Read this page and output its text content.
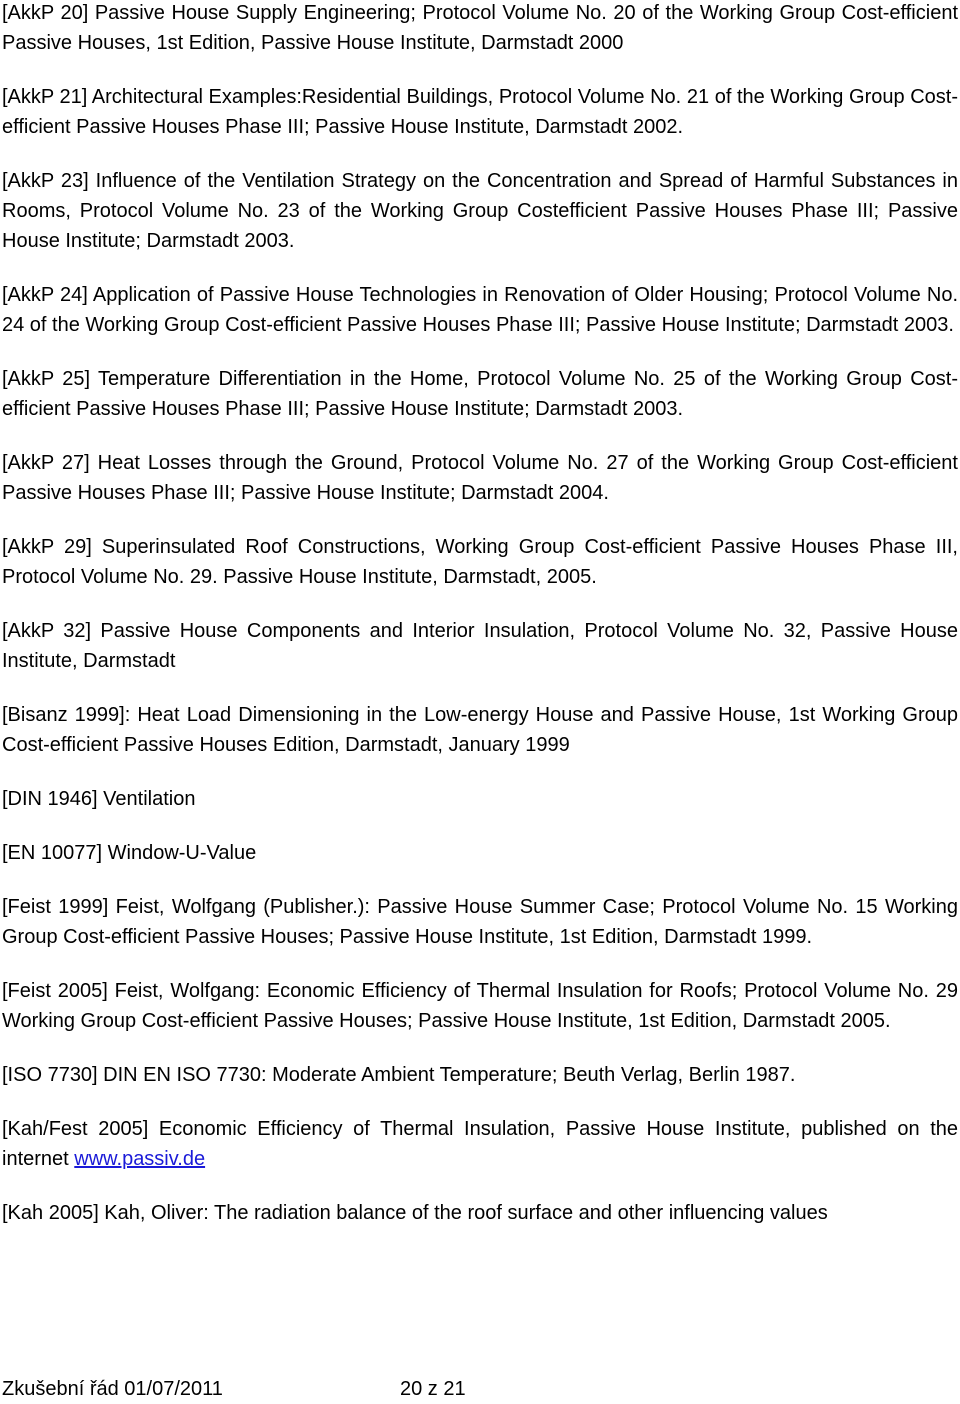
[AkkP 20] Passive House Supply Engineering; Protocol Volume No. 20 of the Working Group Cost-efficient Passive Houses, 1st Edition, Passive House Institute, Darmstadt 2000

[AkkP 21] Architectural Examples:Residential Buildings, Protocol Volume No. 21 of the Working Group Cost-efficient Passive Houses Phase III; Passive House Institute, Darmstadt 2002.

[AkkP 23] Influence of the Ventilation Strategy on the Concentration and Spread of Harmful Substances in Rooms, Protocol Volume No. 23 of the Working Group Costefficient Passive Houses Phase III; Passive House Institute; Darmstadt 2003.

[AkkP 24] Application of Passive House Technologies in Renovation of Older Housing; Protocol Volume No. 24 of the Working Group Cost-efficient Passive Houses Phase III; Passive House Institute; Darmstadt 2003.

[AkkP 25] Temperature Differentiation in the Home, Protocol Volume No. 25 of the Working Group Cost-efficient Passive Houses Phase III; Passive House Institute; Darmstadt 2003.

[AkkP 27] Heat Losses through the Ground, Protocol Volume No. 27 of the Working Group Cost-efficient Passive Houses Phase III; Passive House Institute; Darmstadt 2004.

[AkkP 29] Superinsulated Roof Constructions, Working Group Cost-efficient Passive Houses Phase III, Protocol Volume No. 29. Passive House Institute, Darmstadt, 2005.

[AkkP 32] Passive House Components and Interior Insulation, Protocol Volume No. 32, Passive House Institute, Darmstadt

[Bisanz 1999]: Heat Load Dimensioning in the Low-energy House and Passive House, 1st Working Group Cost-efficient Passive Houses Edition, Darmstadt, January 1999

[DIN 1946] Ventilation

[EN 10077] Window-U-Value

[Feist 1999] Feist, Wolfgang (Publisher.): Passive House Summer Case; Protocol Volume No. 15 Working Group Cost-efficient Passive Houses; Passive House Institute, 1st Edition, Darmstadt 1999.

[Feist 2005] Feist, Wolfgang: Economic Efficiency of Thermal Insulation for Roofs; Protocol Volume No. 29 Working Group Cost-efficient Passive Houses; Passive House Institute, 1st Edition, Darmstadt 2005.

[ISO 7730] DIN EN ISO 7730: Moderate Ambient Temperature; Beuth Verlag, Berlin 1987.

[Kah/Fest 2005] Economic Efficiency of Thermal Insulation, Passive House Institute, published on the internet www.passiv.de

[Kah 2005] Kah, Oliver: The radiation balance of the roof surface and other influencing values

Zkušební řád 01/07/2011	20 z 21
